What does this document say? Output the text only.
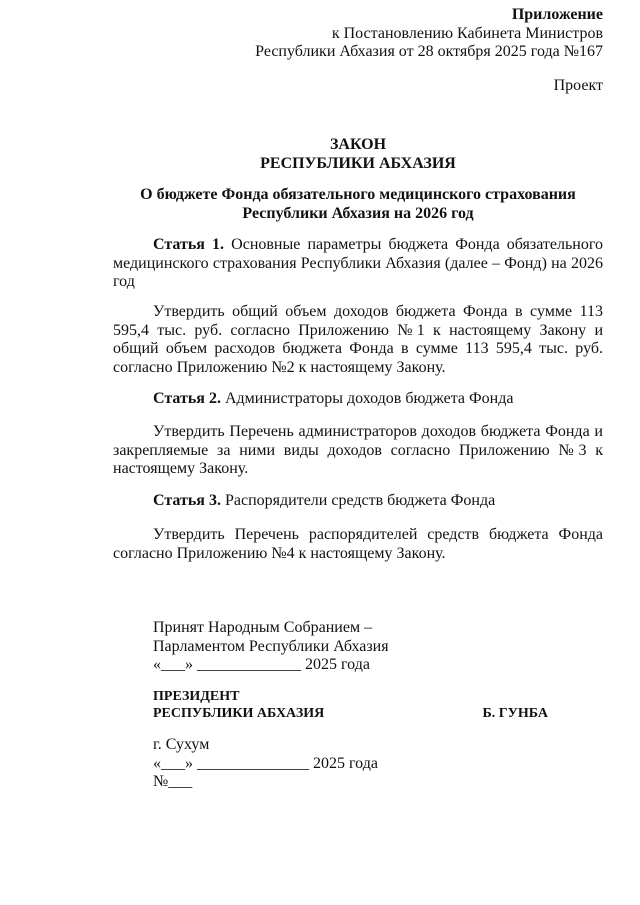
Приложение
к Постановлению Кабинета Министров
Республики Абхазия от 28 октября 2025 года №167
Проект
ЗАКОН
РЕСПУБЛИКИ АБХАЗИЯ
О бюджете Фонда обязательного медицинского страхования
Республики Абхазия на 2026 год
Статья 1. Основные параметры бюджета Фонда обязательного медицинского страхования Республики Абхазия (далее – Фонд) на 2026 год
Утвердить общий объем доходов бюджета Фонда в сумме 113 595,4 тыс. руб. согласно Приложению №1 к настоящему Закону и общий объем расходов бюджета Фонда в сумме 113 595,4 тыс. руб. согласно Приложению №2 к настоящему Закону.
Статья 2. Администраторы доходов бюджета Фонда
Утвердить Перечень администраторов доходов бюджета Фонда и закрепляемые за ними виды доходов согласно Приложению №3 к настоящему Закону.
Статья 3. Распорядители средств бюджета Фонда
Утвердить Перечень распорядителей средств бюджета Фонда согласно Приложению №4 к настоящему Закону.
Принят Народным Собранием –
Парламентом Республики Абхазия
«___» _____________ 2025 года
ПРЕЗИДЕНТ
РЕСПУБЛИКИ АБХАЗИЯ	Б. ГУНБА
г. Сухум
«___» ______________ 2025 года
№___
